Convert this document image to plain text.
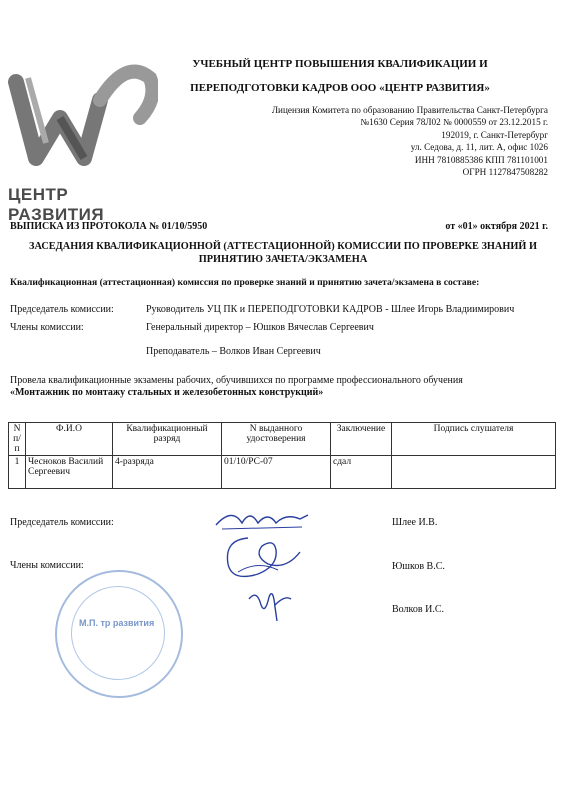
ЦЕНТР РАЗВИТИЯ
УЧЕБНЫЙ ЦЕНТР ПОВЫШЕНИЯ КВАЛИФИКАЦИИ И
ПЕРЕПОДГОТОВКИ КАДРОВ ООО «ЦЕНТР РАЗВИТИЯ»
Лицензия Комитета по образованию Правительства Санкт-Петербурга
№1630 Серия 78Л02 № 0000559 от 23.12.2015 г.
192019, г. Санкт-Петербург
ул. Седова, д. 11, лит. А, офис 1026
ИНН 7810885386 КПП 781101001
ОГРН 1127847508282
ВЫПИСКА ИЗ ПРОТОКОЛА № 01/10/5950	от «01» октября 2021 г.
ЗАСЕДАНИЯ КВАЛИФИКАЦИОННОЙ (АТТЕСТАЦИОННОЙ) КОМИССИИ ПО ПРОВЕРКЕ ЗНАНИЙ И
ПРИНЯТИЮ ЗАЧЕТА/ЭКЗАМЕНА
Квалификационная (аттестационная) комиссия по проверке знаний и принятию зачета/экзамена в составе:
Председатель комиссии:	Руководитель УЦ ПК и ПЕРЕПОДГОТОВКИ КАДРОВ - Шлее Игорь Владиимирович
Члены комиссии:	Генеральный директор – Юшков Вячеслав Сергеевич
Преподаватель – Волков Иван Сергеевич
Провела квалификационные экзамены рабочих, обучившихся по программе профессионального обучения
«Монтажник по монтажу стальных и железобетонных конструкций»
N п/п	Ф.И.О	Квалификационный разряд	N выданного удостоверения	Заключение	Подпись слушателя
1	Чесноков Василий Сергеевич	4-разряда	01/10/РС-07	сдал	
Председатель комиссии:
Члены комиссии:
Шлее И.В.
Юшков В.С.
Волков И.С.
М.П. тр развития
